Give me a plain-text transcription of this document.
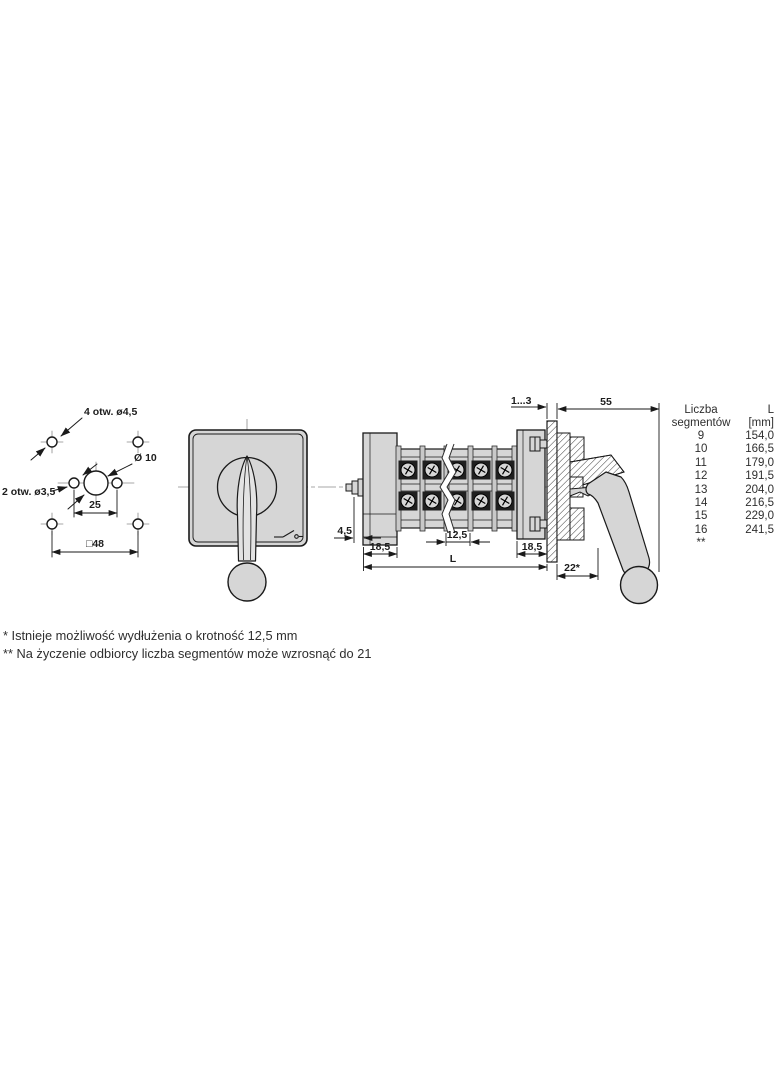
4 otw. ø4,5
Ø 10
2 otw. ø3,5
25
□48
1...3	55
4,5
18,5
12,5
18,5
L
22*
Liczba	L
segmentów	[mm]
9	154,0
10	166,5
11	179,0
12	191,5
13	204,0
14	216,5
15	229,0
16	241,5
**
* Istnieje możliwość wydłużenia o krotność 12,5 mm
** Na życzenie odbiorcy liczba segmentów może wzrosnąć do 21
